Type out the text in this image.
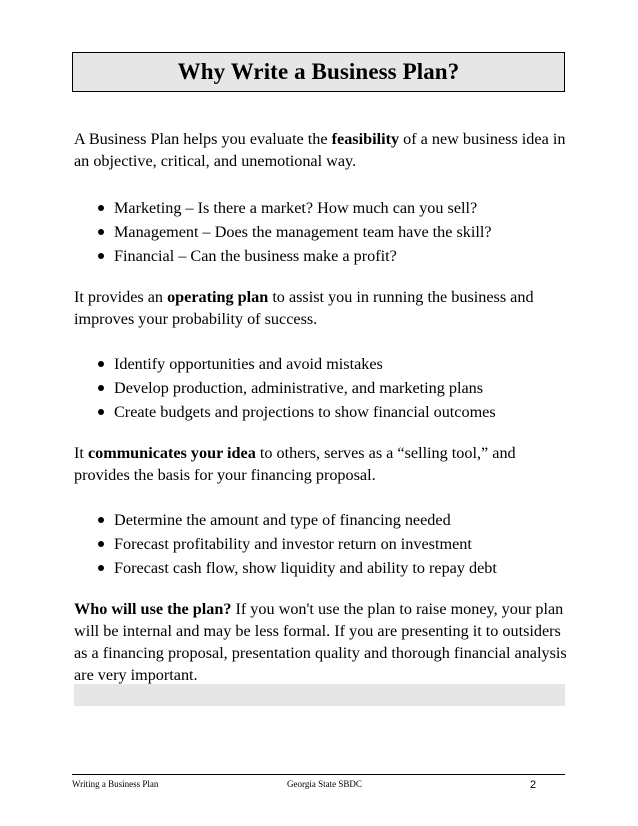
Why Write a Business Plan?

A Business Plan helps you evaluate the feasibility of a new business idea in an objective, critical, and unemotional way.

Marketing – Is there a market? How much can you sell?
Management – Does the management team have the skill?
Financial – Can the business make a profit?

It provides an operating plan to assist you in running the business and improves your probability of success.

Identify opportunities and avoid mistakes
Develop production, administrative, and marketing plans
Create budgets and projections to show financial outcomes

It communicates your idea to others, serves as a “selling tool,” and provides the basis for your financing proposal.

Determine the amount and type of financing needed
Forecast profitability and investor return on investment
Forecast cash flow, show liquidity and ability to repay debt

Who will use the plan? If you won't use the plan to raise money, your plan will be internal and may be less formal. If you are presenting it to outsiders as a financing proposal, presentation quality and thorough financial analysis are very important.

Writing a Business Plan	Georgia State SBDC	2
